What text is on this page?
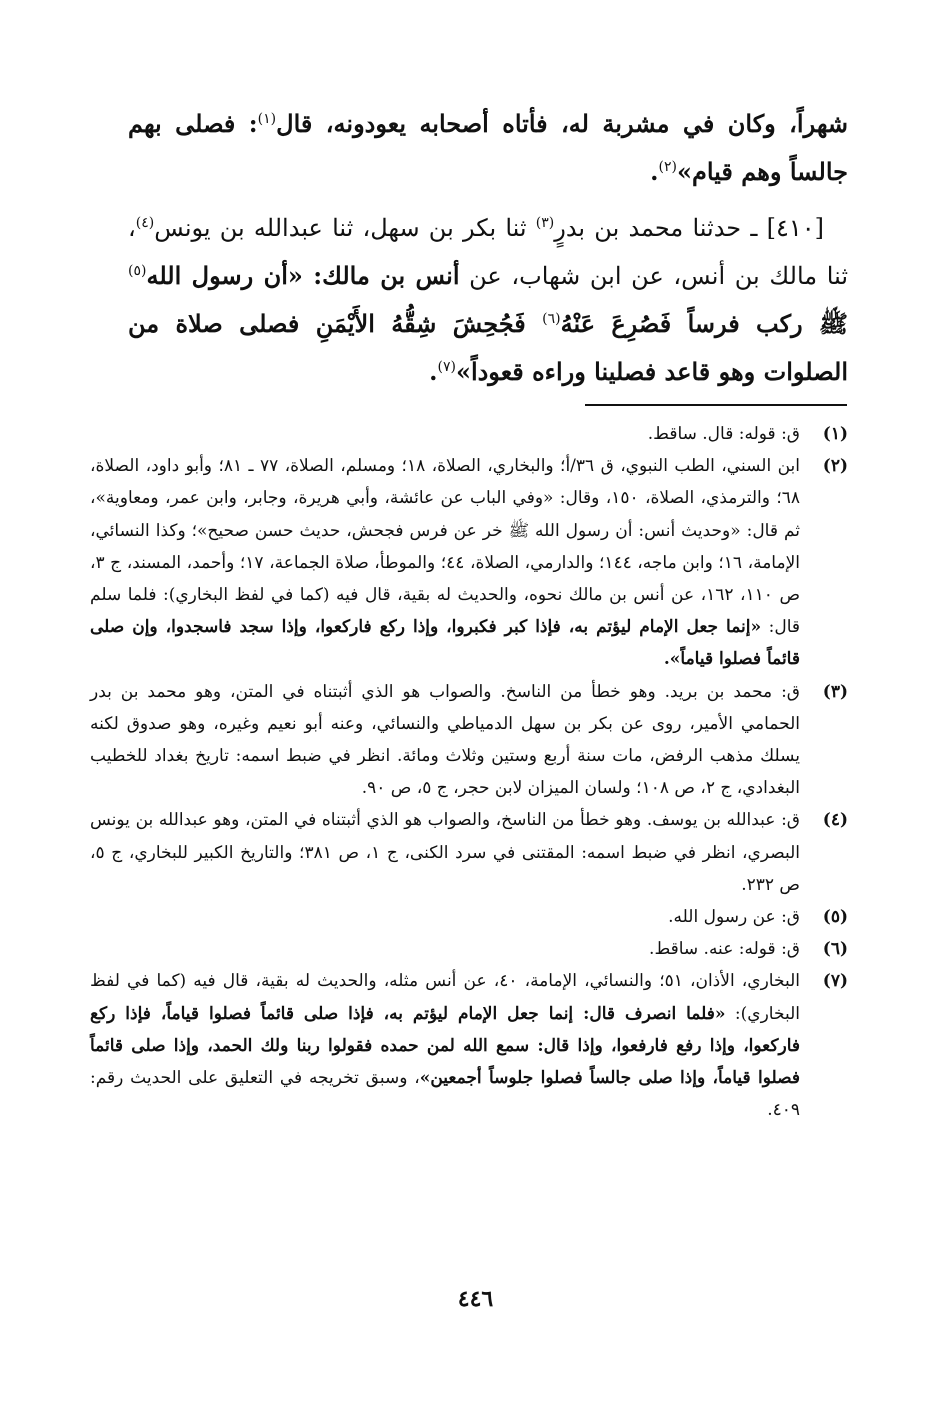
شهراً، وكان في مشربة له، فأتاه أصحابه يعودونه، قال$^{(١)}$: فصلى بهم جالساً وهم قيام»$^{(٢)}$.

[٤١٠] ـ حدثنا محمد بن بدرٍ$^{(٣)}$ ثنا بكر بن سهل، ثنا عبدالله بن يونس$^{(٤)}$، ثنا مالك بن أنس، عن ابن شهاب، عن أنس بن مالك: «أن رسول الله$^{(٥)}$ ﷺ ركب فرساً فَصُرِعَ عَنْهُ$^{(٦)}$ فَجُحِشَ شِقُّهُ الأَيْمَنِ فصلى صلاة من الصلوات وهو قاعد فصلينا وراءه قعوداً»$^{(٧)}$.

(١)
ق: قوله: قال. ساقط.
(٢)
ابن السني، الطب النبوي، ق ٣٦/أ؛ والبخاري، الصلاة، ١٨؛ ومسلم، الصلاة، ٧٧ ـ ٨١؛ وأبو داود، الصلاة، ٦٨؛ والترمذي، الصلاة، ١٥٠، وقال: «وفي الباب عن عائشة، وأبي هريرة، وجابر، وابن عمر، ومعاوية»، ثم قال: «وحديث أنس: أن رسول الله ﷺ خر عن فرس فجحش، حديث حسن صحيح»؛ وكذا النسائي، الإمامة، ١٦؛ وابن ماجه، ١٤٤؛ والدارمي، الصلاة، ٤٤؛ والموطأ، صلاة الجماعة، ١٧؛ وأحمد، المسند، ج ٣، ص ١١٠، ١٦٢، عن أنس بن مالك نحوه، والحديث له بقية، قال فيه (كما في لفظ البخاري): فلما سلم قال: «إنما جعل الإمام ليؤتم به، فإذا كبر فكبروا، وإذا ركع فاركعوا، وإذا سجد فاسجدوا، وإن صلى قائماً فصلوا قياماً».
(٣)
ق: محمد بن بريد. وهو خطأ من الناسخ. والصواب هو الذي أثبتناه في المتن، وهو محمد بن بدر الحمامي الأمير، روى عن بكر بن سهل الدمياطي والنسائي، وعنه أبو نعيم وغيره، وهو صدوق لكنه يسلك مذهب الرفض، مات سنة أربع وستين وثلاث ومائة. انظر في ضبط اسمه: تاريخ بغداد للخطيب البغدادي، ج ٢، ص ١٠٨؛ ولسان الميزان لابن حجر، ج ٥، ص ٩٠.
(٤)
ق: عبدالله بن يوسف. وهو خطأ من الناسخ، والصواب هو الذي أثبتناه في المتن، وهو عبدالله بن يونس البصري، انظر في ضبط اسمه: المقتنى في سرد الكنى، ج ١، ص ٣٨١؛ والتاريخ الكبير للبخاري، ج ٥، ص ٢٣٢.
(٥)
ق: عن رسول الله.
(٦)
ق: قوله: عنه. ساقط.
(٧)
البخاري، الأذان، ٥١؛ والنسائي، الإمامة، ٤٠، عن أنس مثله، والحديث له بقية، قال فيه (كما في لفظ البخاري): «فلما انصرف قال: إنما جعل الإمام ليؤتم به، فإذا صلى قائماً فصلوا قياماً، فإذا ركع فاركعوا، وإذا رفع فارفعوا، وإذا قال: سمع الله لمن حمده فقولوا ربنا ولك الحمد، وإذا صلى قائماً فصلوا قياماً، وإذا صلى جالساً فصلوا جلوساً أجمعين»، وسبق تخريجه في التعليق على الحديث رقم: ٤٠٩.
٤٤٦
